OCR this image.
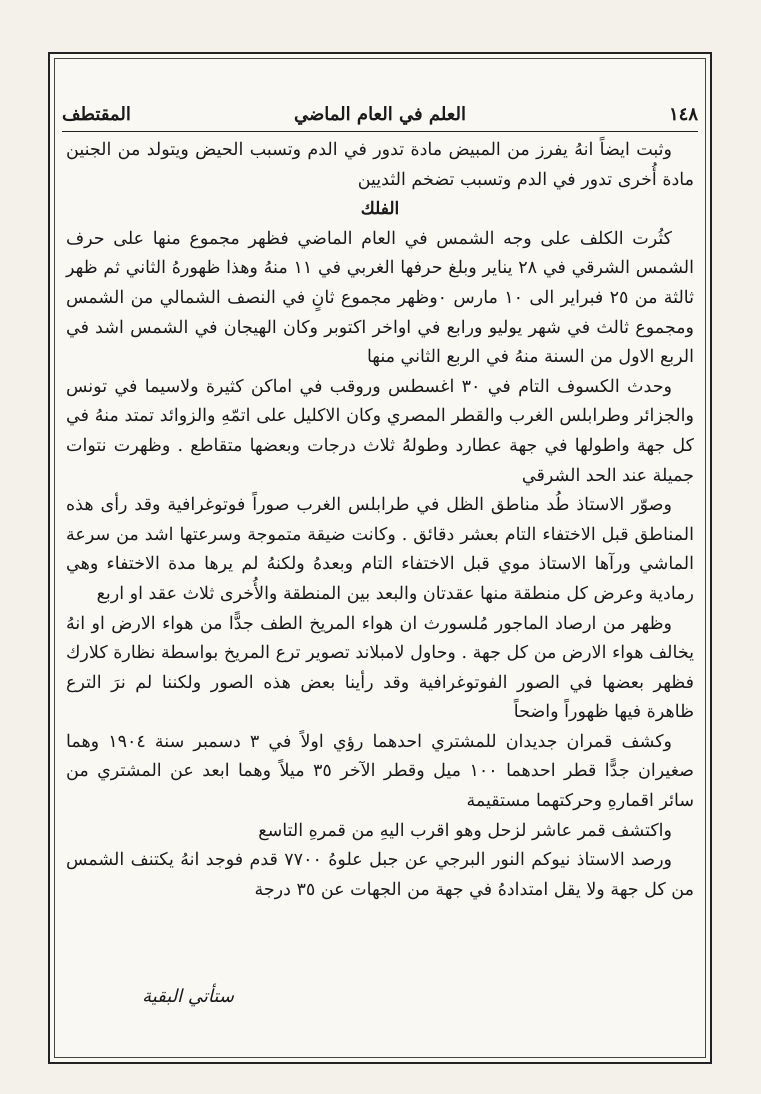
١٤٨
العلم في العام الماضي
المقتطف

وثبت ايضاً انهُ يفرز من المبيض مادة تدور في الدم وتسبب الحيض ويتولد من الجنين مادة أُخرى تدور في الدم وتسبب تضخم الثديين

الفلك

كثُرت الكلف على وجه الشمس في العام الماضي فظهر مجموع منها على حرف الشمس الشرقي في ٢٨ يناير وبلغ حرفها الغربي في ١١ منهُ وهذا ظهورهُ الثاني ثم ظهر ثالثة من ٢٥ فبراير الى ١٠ مارس ٠وظهر مجموع ثانٍ في النصف الشمالي من الشمس ومجموع ثالث في شهر يوليو ورابع في اواخر اكتوبر وكان الهيجان في الشمس اشد في الربع الاول من السنة منهُ في الربع الثاني منها

وحدث الكسوف التام في ٣٠ اغسطس وروقب في اماكن كثيرة ولاسيما في تونس والجزائر وطرابلس الغرب والقطر المصري وكان الاكليل على اتمّهِ والزوائد تمتد منهُ في كل جهة واطولها في جهة عطارد وطولهُ ثلاث درجات وبعضها متقاطع . وظهرت نتوات جميلة عند الحد الشرقي

وصوّر الاستاذ طُد مناطق الظل في طرابلس الغرب صوراً فوتوغرافية وقد رأى هذه المناطق قبل الاختفاء التام بعشر دقائق . وكانت ضيقة متموجة وسرعتها اشد من سرعة الماشي ورآها الاستاذ موي قبل الاختفاء التام وبعدهُ ولكنهُ لم يرها مدة الاختفاء وهي رمادية وعرض كل منطقة منها عقدتان والبعد بين المنطقة والأُخرى ثلاث عقد او اربع

وظهر من ارصاد الماجور مُلسورث ان هواء المريخ الطف جدًّا من هواء الارض او انهُ يخالف هواء الارض من كل جهة . وحاول لامبلاند تصوير ترع المريخ بواسطة نظارة كلارك فظهر بعضها في الصور الفوتوغرافية وقد رأينا بعض هذه الصور ولكننا لم نرَ الترع ظاهرة فيها ظهوراً واضحاً

وكشف قمران جديدان للمشتري احدهما رؤي اولاً في ٣ دسمبر سنة ١٩٠٤ وهما صغيران جدًّا قطر احدهما ١٠٠ ميل وقطر الآخر ٣٥ ميلاً وهما ابعد عن المشتري من سائر اقمارهِ وحركتهما مستقيمة

واكتشف قمر عاشر لزحل وهو اقرب اليهِ من قمرهِ التاسع

ورصد الاستاذ نيوكم النور البرجي عن جبل علوهُ ٧٧٠٠ قدم فوجد انهُ يكتنف الشمس من كل جهة ولا يقل امتدادهُ في جهة من الجهات عن ٣٥ درجة

ستأتي البقية
